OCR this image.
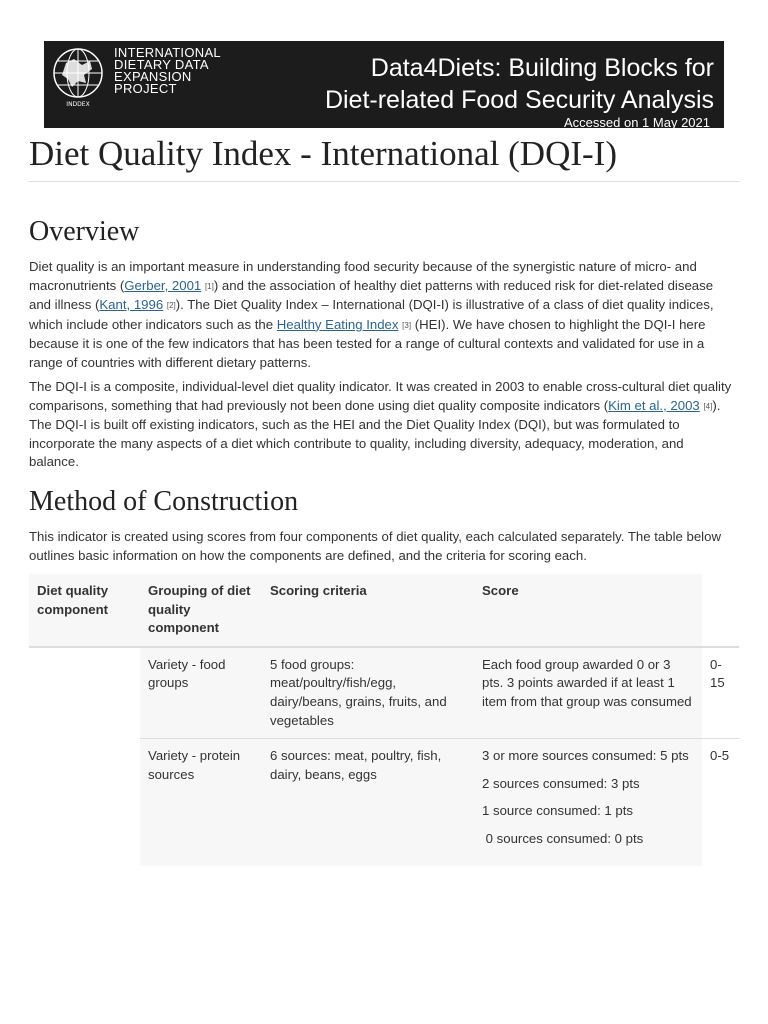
INDDEX
INTERNATIONAL
DIETARY DATA
EXPANSION
PROJECT
Data4Diets: Building Blocks for
Diet-related Food Security Analysis
Accessed on 1 May 2021
Diet Quality Index - International (DQI-I)
Overview

Diet quality is an important measure in understanding food security because of the synergistic nature of micro- and macronutrients (Gerber, 2001 [1]) and the association of healthy diet patterns with reduced risk for diet-related disease and illness (Kant, 1996 [2]). The Diet Quality Index – International (DQI-I) is illustrative of a class of diet quality indices, which include other indicators such as the Healthy Eating Index [3] (HEI). We have chosen to highlight the DQI-I here because it is one of the few indicators that has been tested for a range of cultural contexts and validated for use in a range of countries with different dietary patterns.

The DQI-I is a composite, individual-level diet quality indicator. It was created in 2003 to enable cross-cultural diet quality comparisons, something that had previously not been done using diet quality composite indicators (Kim et al., 2003 [4]). The DQI-I is built off existing indicators, such as the HEI and the Diet Quality Index (DQI), but was formulated to incorporate the many aspects of a diet which contribute to quality, including diversity, adequacy, moderation, and balance.

Method of Construction

This indicator is created using scores from four components of diet quality, each calculated separately. The table below outlines basic information on how the components are defined, and the criteria for scoring each.

Diet quality component	Grouping of diet quality component	Scoring criteria	Score	
	Variety - food groups	5 food groups: meat/poultry/fish/egg, dairy/beans, grains, fruits, and vegetables	Each food group awarded 0 or 3 pts. 3 points awarded if at least 1 item from that group was consumed	0-15
	Variety - protein sources	6 sources: meat, poultry, fish, dairy, beans, eggs	3 or more sources consumed: 5 pts

2 sources consumed: 3 pts

1 source consumed: 1 pts

0 sources consumed: 0 pts	0-5
